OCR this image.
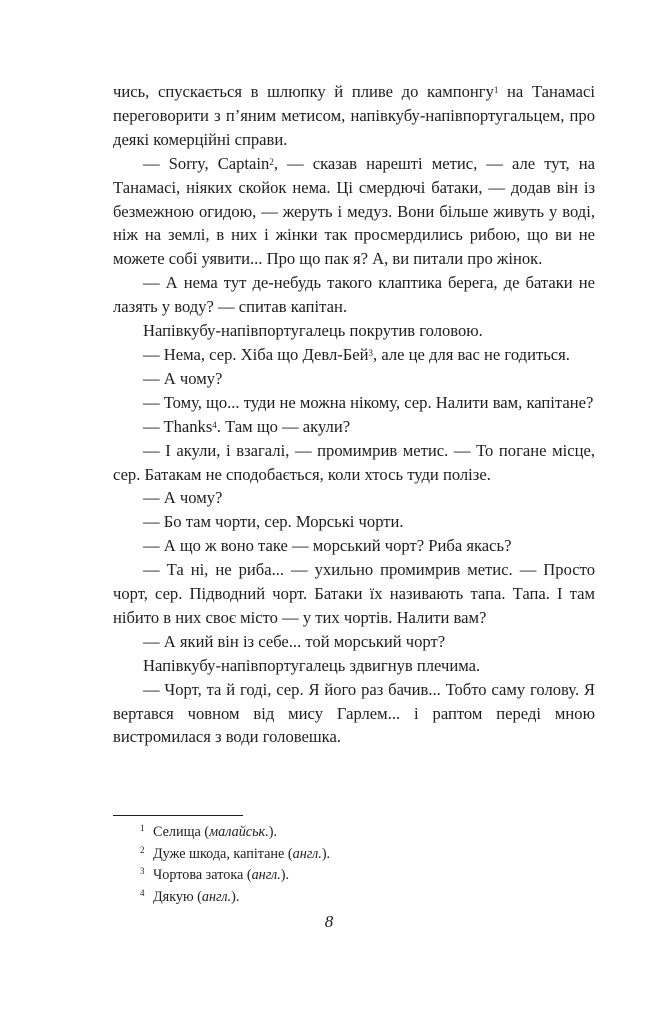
чись, спускається в шлюпку й пливе до кампонгу$^1$ на Танамасі переговорити з п’яним метисом, напівкубу-напівпортугальцем, про деякі комерційні справи.

— Sorry, Captain$^2$, — сказав нарешті метис, — але тут, на Танамасі, ніяких скойок нема. Ці смердючі батаки, — додав він із безмежною огидою, — жеруть і медуз. Вони більше живуть у воді, ніж на землі, в них і жінки так просмердились рибою, що ви не можете собі уявити... Про що пак я? А, ви питали про жінок.

— А нема тут де-небудь такого клаптика берега, де батаки не лазять у воду? — спитав капітан.

Напівкубу-напівпортугалець покрутив головою.

— Нема, сер. Хіба що Девл-Бей$^3$, але це для вас не годиться.

— А чому?

— Тому, що... туди не можна нікому, сер. Налити вам, капітане?

— Thanks$^4$. Там що — акули?

— І акули, і взагалі, — промимрив метис. — То погане місце, сер. Батакам не сподобається, коли хтось туди полізе.

— А чому?

— Бо там чорти, сер. Морські чорти.

— А що ж воно таке — морський чорт? Риба якась?

— Та ні, не риба... — ухильно промимрив метис. — Просто чорт, сер. Підводний чорт. Батаки їх називають тапа. Тапа. І там нібито в них своє місто — у тих чортів. Налити вам?

— А який він із себе... той морський чорт?

Напівкубу-напівпортугалець здвигнув плечима.

— Чорт, та й годі, сер. Я його раз бачив... Тобто саму голову. Я вертався човном від мису Гарлем... і раптом переді мною вистромилася з води головешка.

1 Селища (малайськ.).
2 Дуже шкода, капітане (англ.).
3 Чортова затока (англ.).
4 Дякую (англ.).
8
